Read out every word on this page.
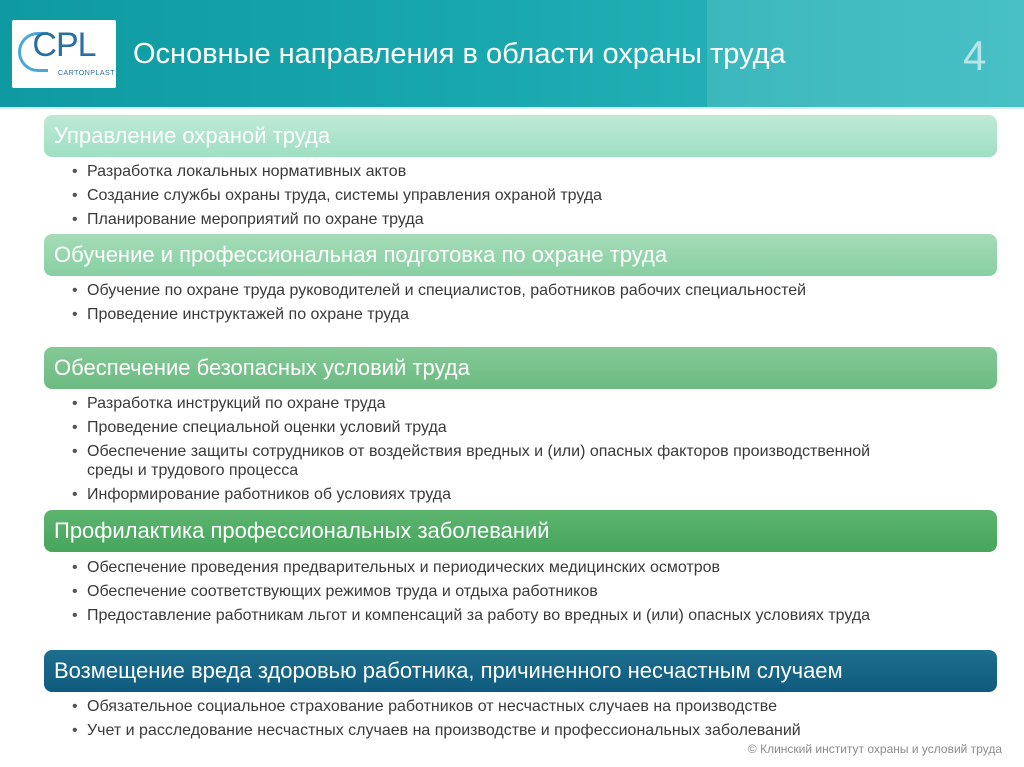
CPL
CARTONPLAST
Основные направления в области охраны труда	4
Управление охраной труда
• Разработка локальных нормативных актов
• Создание службы охраны труда, системы управления охраной труда
• Планирование мероприятий по охране труда
Обучение и профессиональная подготовка по охране труда
• Обучение по охране труда руководителей и специалистов, работников рабочих специальностей
• Проведение инструктажей по охране труда
Обеспечение безопасных условий труда
• Разработка инструкций по охране труда
• Проведение специальной оценки условий труда
• Обеспечение защиты сотрудников от воздействия вредных и (или) опасных факторов производственной среды и трудового процесса
• Информирование работников об условиях труда
Профилактика профессиональных заболеваний
• Обеспечение проведения предварительных и периодических медицинских осмотров
• Обеспечение соответствующих режимов труда и отдыха работников
• Предоставление работникам льгот и компенсаций за работу во вредных и (или) опасных условиях труда
Возмещение вреда здоровью работника, причиненного несчастным случаем
• Обязательное социальное страхование работников от несчастных случаев на производстве
• Учет и расследование несчастных случаев на производстве и профессиональных заболеваний
© Клинский институт охраны и условий труда
